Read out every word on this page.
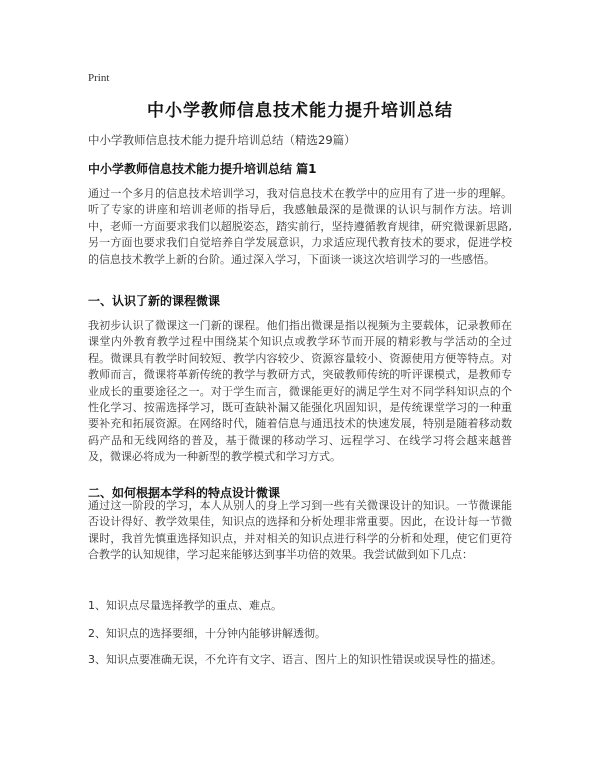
Print
中小学教师信息技术能力提升培训总结
中小学教师信息技术能力提升培训总结（精选29篇）
中小学教师信息技术能力提升培训总结 篇1

通过一个多月的信息技术培训学习，我对信息技术在教学中的应用有了进一步的理解。听了专家的讲座和培训老师的指导后，我感触最深的是微课的认识与制作方法。培训中，老师一方面要求我们以超脱姿态，踏实前行，坚持遵循教育规律，研究微课新思路,另一方面也要求我们自觉培养自学发展意识，力求适应现代教育技术的要求，促进学校的信息技术教学上新的台阶。通过深入学习，下面谈一谈这次培训学习的一些感悟。

一、认识了新的课程微课

我初步认识了微课这一门新的课程。他们指出微课是指以视频为主要载体，记录教师在课堂内外教育教学过程中围绕某个知识点或教学环节而开展的精彩教与学活动的全过程。微课具有教学时间较短、教学内容较少、资源容量较小、资源使用方便等特点。对教师而言，微课将革新传统的教学与教研方式，突破教师传统的听评课模式，是教师专业成长的重要途径之一。对于学生而言，微课能更好的满足学生对不同学科知识点的个性化学习、按需选择学习，既可查缺补漏又能强化巩固知识，是传统课堂学习的一种重要补充和拓展资源。在网络时代，随着信息与通迅技术的快速发展，特别是随着移动数码产品和无线网络的普及，基于微课的移动学习、远程学习、在线学习将会越来越普及，微课必将成为一种新型的教学模式和学习方式。

二、如何根据本学科的特点设计微课

通过这一阶段的学习，本人从别人的身上学习到一些有关微课设计的知识。一节微课能否设计得好、教学效果佳，知识点的选择和分析处理非常重要。因此，在设计每一节微课时，我首先慎重选择知识点，并对相关的知识点进行科学的分析和处理，使它们更符合教学的认知规律，学习起来能够达到事半功倍的效果。我尝试做到如下几点：

1、知识点尽量选择教学的重点、难点。

2、知识点的选择要细，十分钟内能够讲解透彻。

3、知识点要准确无误，不允许有文字、语言、图片上的知识性错误或误导性的描述。
